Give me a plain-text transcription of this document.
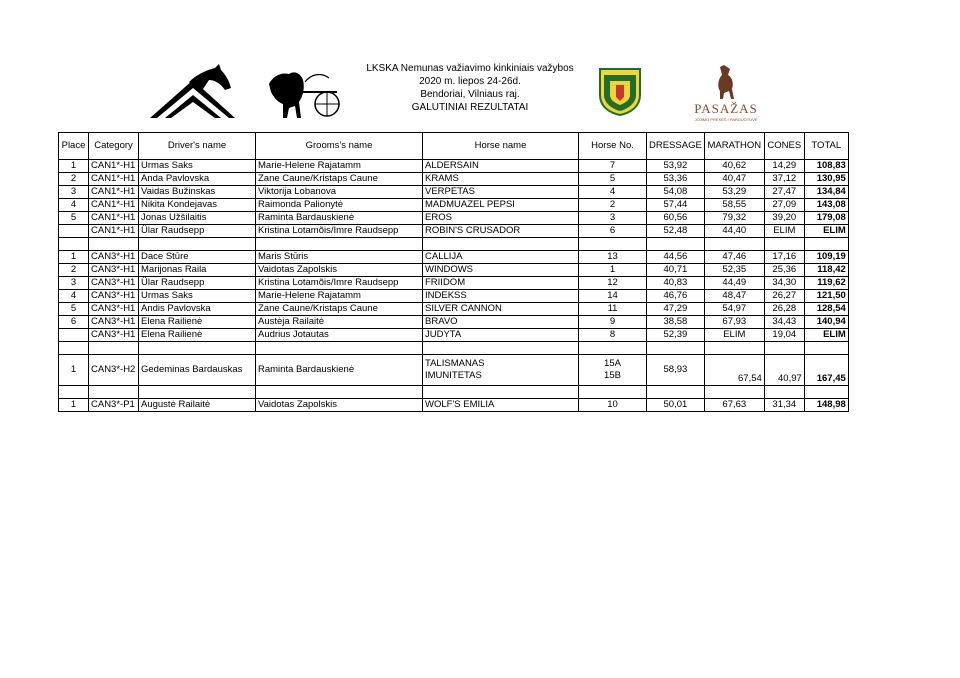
LKSKA Nemunas važiavimo kinkiniais važybos
2020 m. liepos 24-26d.
Bendoriai, Vilniaus raj.
GALUTINIAI REZULTATAI	PASAŽAS
JOJIMO PREKĖS / PARDUOTUVĖ
Place	Category	Driver's name	Grooms's name	Horse name	Horse No.	DRESSAGE	MARATHON	CONES	TOTAL
1	CAN1*-H1	Urmas Saks	Marie-Helene Rajatamm	ALDERSAIN	7	53,92	40,62	14,29	108,83
2	CAN1*-H1	Anda Pavlovska	Zane Caune/Kristaps Caune	KRAMS	5	53,36	40,47	37,12	130,95
3	CAN1*-H1	Vaidas Bužinskas	Viktorija Lobanova	VERPETAS	4	54,08	53,29	27,47	134,84
4	CAN1*-H1	Nikita Kondejavas	Raimonda Palionytė	MADMUAZEL PEPSI	2	57,44	58,55	27,09	143,08
5	CAN1*-H1	Jonas Užšilaitis	Raminta Bardauskienė	EROS	3	60,56	79,32	39,20	179,08
	CAN1*-H1	Ülar Raudsepp	Kristina Lotamõis/Imre Raudsepp	ROBIN'S CRUSADOR	6	52,48	44,40	ELIM	ELIM

1	CAN3*-H1	Dace Stūre	Maris Stūris	CALLIJA	13	44,56	47,46	17,16	109,19
2	CAN3*-H1	Marijonas Raila	Vaidotas Zapolskis	WINDOWS	1	40,71	52,35	25,36	118,42
3	CAN3*-H1	Ülar Raudsepp	Kristina Lotamõis/Imre Raudsepp	FRIIDOM	12	40,83	44,49	34,30	119,62
4	CAN3*-H1	Urmas Saks	Marie-Helene Rajatamm	INDEKSS	14	46,76	48,47	26,27	121,50
5	CAN3*-H1	Andis Pavlovska	Zane Caune/Kristaps Caune	SILVER CANNON	11	47,29	54,97	26,28	128,54
6	CAN3*-H1	Elena Railienė	Austėja Railaitė	BRAVO	9	38,58	67,93	34,43	140,94
	CAN3*-H1	Elena Railienė	Audrius Jotautas	JUDYTA	8	52,39	ELIM	19,04	ELIM

1	CAN3*-H2	Gedeminas Bardauskas	Raminta Bardauskienė	TALISMANAS	15A	58,93	67,54	40,97	167,45
				IMUNITETAS	15B				

1	CAN3*-P1	Augustė Railaitė	Vaidotas Zapolskis	WOLF'S EMILIA	10	50,01	67,63	31,34	148,98
